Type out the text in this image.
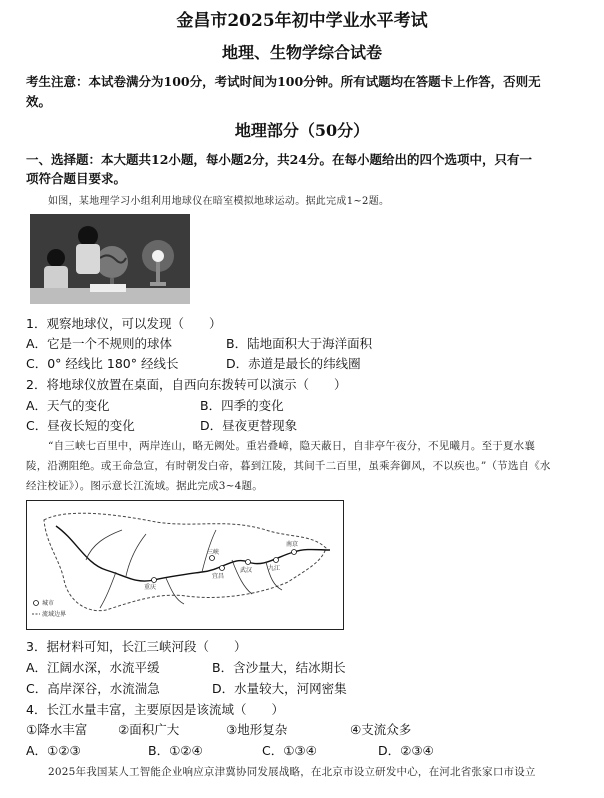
金昌市2025年初中学业水平考试
地理、生物学综合试卷
考生注意：本试卷满分为100分，考试时间为100分钟。所有试题均在答题卡上作答，否则无
效。
地理部分（50分）
一、选择题：本大题共12小题，每小题2分，共24分。在每小题给出的四个选项中，只有一
项符合题目要求。
如图，某地理学习小组利用地球仪在暗室模拟地球运动。据此完成1~2题。
1．观察地球仪，可以发现（　　）
A．它是一个不规则的球体	B．陆地面积大于海洋面积
C．0° 经线比 180° 经线长	D．赤道是最长的纬线圈
2．将地球仪放置在桌面，自西向东拨转可以演示（　　）
A．天气的变化	B．四季的变化
C．昼夜长短的变化	D．昼夜更替现象
“自三峡七百里中，两岸连山，略无阙处。重岩叠嶂，隐天蔽日，自非亭午夜分，不见曦月。至于夏水襄
陵，沿溯阻绝。或王命急宣，有时朝发白帝，暮到江陵，其间千二百里，虽乘奔御风，不以疾也。”（节选自《水
经注校证》）。图示意长江流域。据此完成3~4题。
三峡
宜昌
重庆
武汉
南京
九江
城市
流域边界
3．据材料可知，长江三峡河段（　　）
A．江阔水深，水流平缓	B．含沙量大，结冰期长
C．高岸深谷，水流湍急	D．水量较大，河网密集
4．长江水量丰富，主要原因是该流域（　　）
①降水丰富 ②面积广大	③地形复杂	④支流众多
A．①②③	B．①②④	C．①③④	D．②③④
2025年我国某人工智能企业响应京津冀协同发展战略，在北京市设立研发中心，在河北省张家口市设立
